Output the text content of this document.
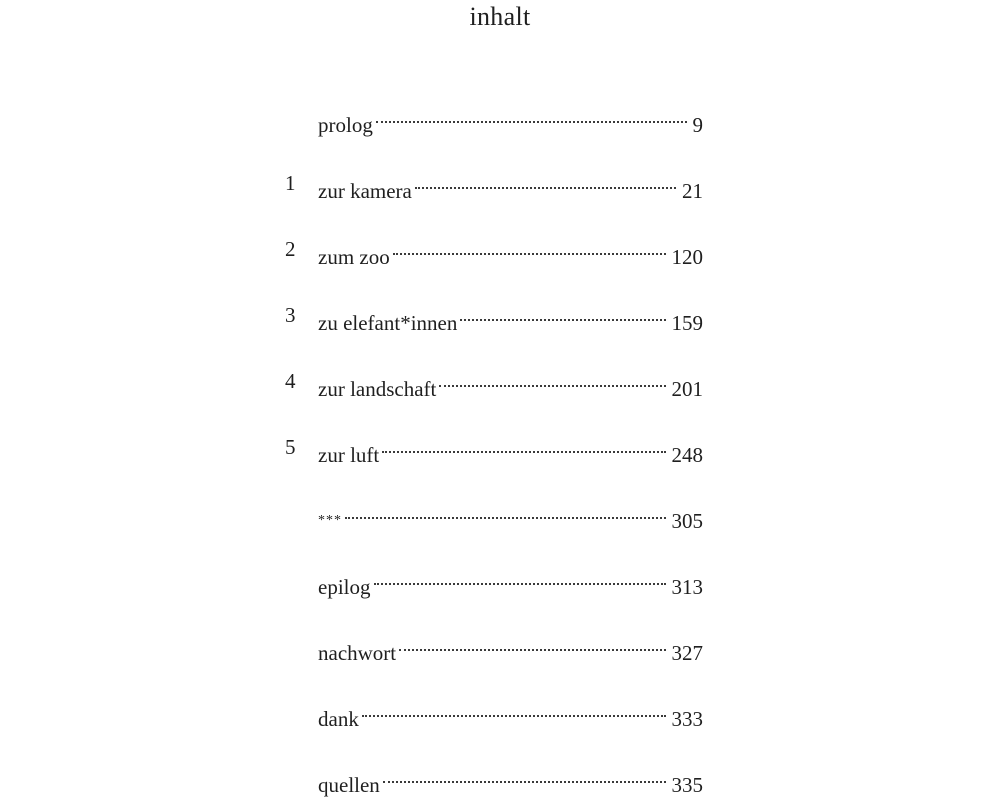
inhalt
prolog	9
1	zur kamera	21
2	zum zoo	120
3	zu elefant*innen	159
4	zur landschaft	201
5	zur luft	248
***	305
epilog	313
nachwort	327
dank	333
quellen	335
